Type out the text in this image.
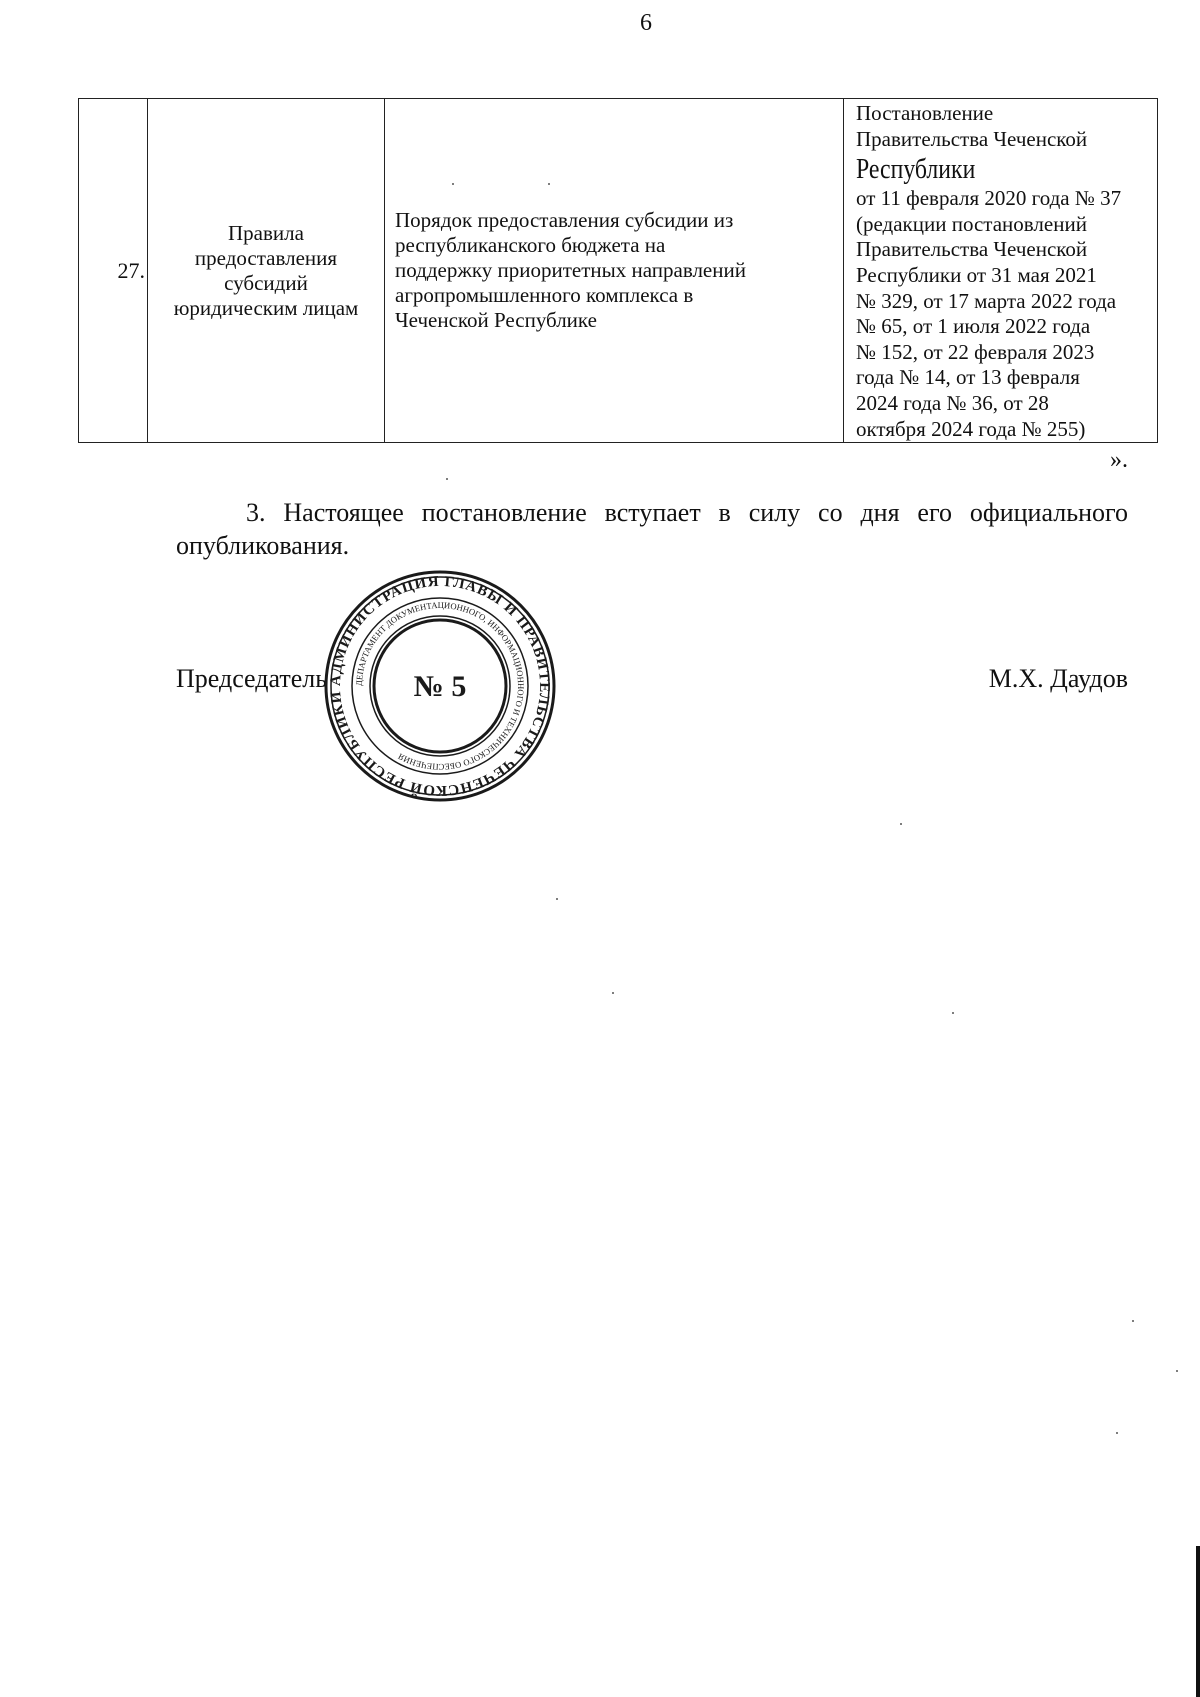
6
27.	
Правила
предоставления
субсидий
юридическим лицам

Порядок предоставления субсидии из
республиканского бюджета на
поддержку приоритетных направлений
агропромышленного комплекса в
Чеченской Республике

Постановление
Правительства Чеченской
Республики
от 11 февраля 2020 года № 37
(редакции постановлений
Правительства Чеченской
Республики от 31 мая 2021
№ 329, от 17 марта 2022 года
№ 65, от 1 июля 2022 года
№ 152, от 22 февраля 2023
года № 14, от 13 февраля
2024 года № 36, от 28
октября 2024 года № 255)
».
3. Настоящее постановление вступает в силу со дня его официального опубликования.
Председатель	М.Х. Даудов
АДМИНИСТРАЦИЯ ГЛАВЫ И ПРАВИТЕЛЬСТВА ЧЕЧЕНСКОЙ РЕСПУБЛИКИ
ДЕПАРТАМЕНТ ДОКУМЕНТАЦИОННОГО, ИНФОРМАЦИОННОГО И ТЕХНИЧЕСКОГО ОБЕСПЕЧЕНИЯ
№ 5
